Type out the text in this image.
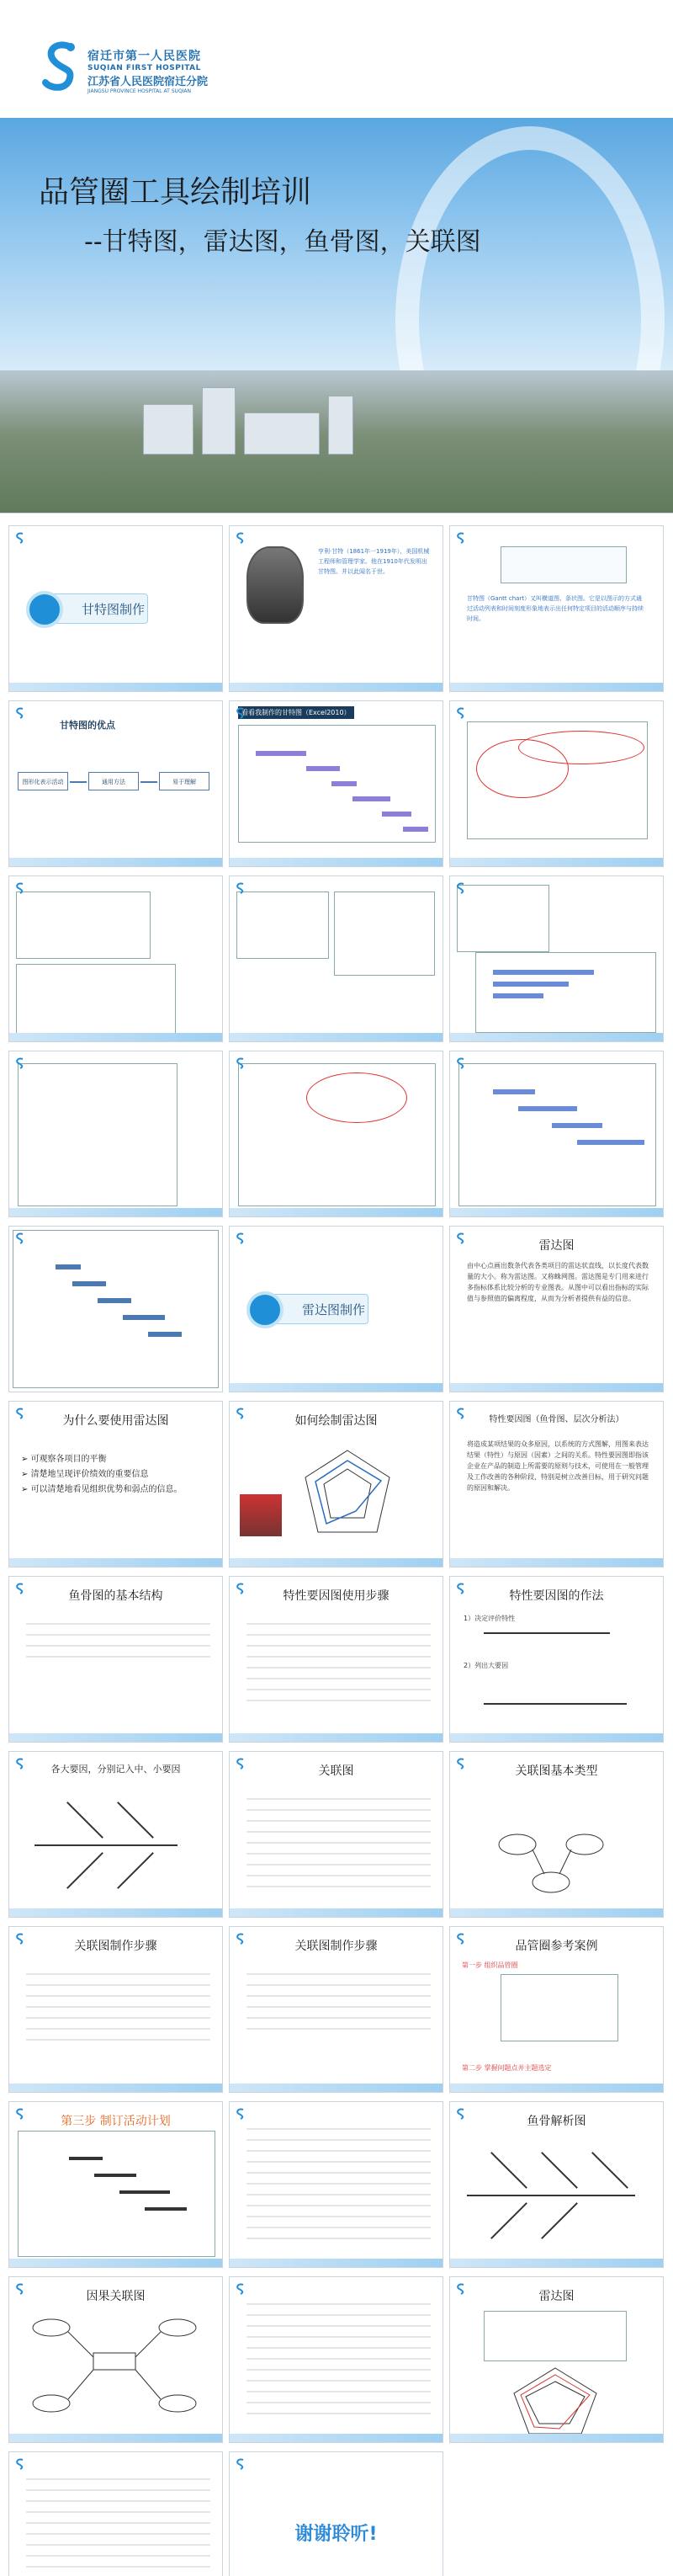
宿迁市第一人民医院
SUQIAN FIRST HOSPITAL
江苏省人民医院宿迁分院
JIANGSU PROVINCE HOSPITAL AT SUQIAN
品管圈工具绘制培训
--甘特图，雷达图，鱼骨图，关联图
甘特图制作
亨利·甘特（1861年一1919年），美国机械工程师和管理学家。他在1910年代发明出甘特图。并以此闻名于世。
甘特图（Gantt chart）又叫横道图、条状图。它是以图示的方式通过活动列表和时间刻度形象地表示出任何特定项目的活动顺序与持续时间。
甘特图的优点
图形化表示活动	通用方法	易于理解
看看我制作的甘特图（Excel2010）
雷达图制作
雷达图
由中心点画出数条代表各类项目的雷达状直线，以长度代表数量的大小。称为雷达图。又称蛛网图。雷达图是专门用来进行多指标体系比较分析的专业图表。从图中可以看出指标的实际值与参照值的偏离程度，从而为分析者提供有益的信息。
为什么要使用雷达图
➢ 可观察各项目的平衡
➢ 清楚地呈现评价绩效的重要信息
➢ 可以清楚地看见组织优势和弱点的信息。
如何绘制雷达图	特性要因图（鱼骨图、层次分析法）
将造成某项结果的众多原因，以系统的方式图解，用图来表达结果（特性）与原因（因素）之间的关系。特性要因图即指该企业在产品的制造上所需要的原则与技术，可使用在一般管理及工作改善的各种阶段，特别是树立改善目标，用于研究问题的原因和解决。
鱼骨图的基本结构	特性要因图使用步骤	特性要因图的作法
1）决定评价特性
2）列出大要因
各大要因，分别记入中、小要因	关联图	关联图基本类型
关联图制作步骤	关联图制作步骤	品管圈参考案例
第一步 组织品管圈
第二步 掌握问题点并主题选定
第三步 制订活动计划	鱼骨解析图
因果关联图	雷达图
谢谢聆听!
